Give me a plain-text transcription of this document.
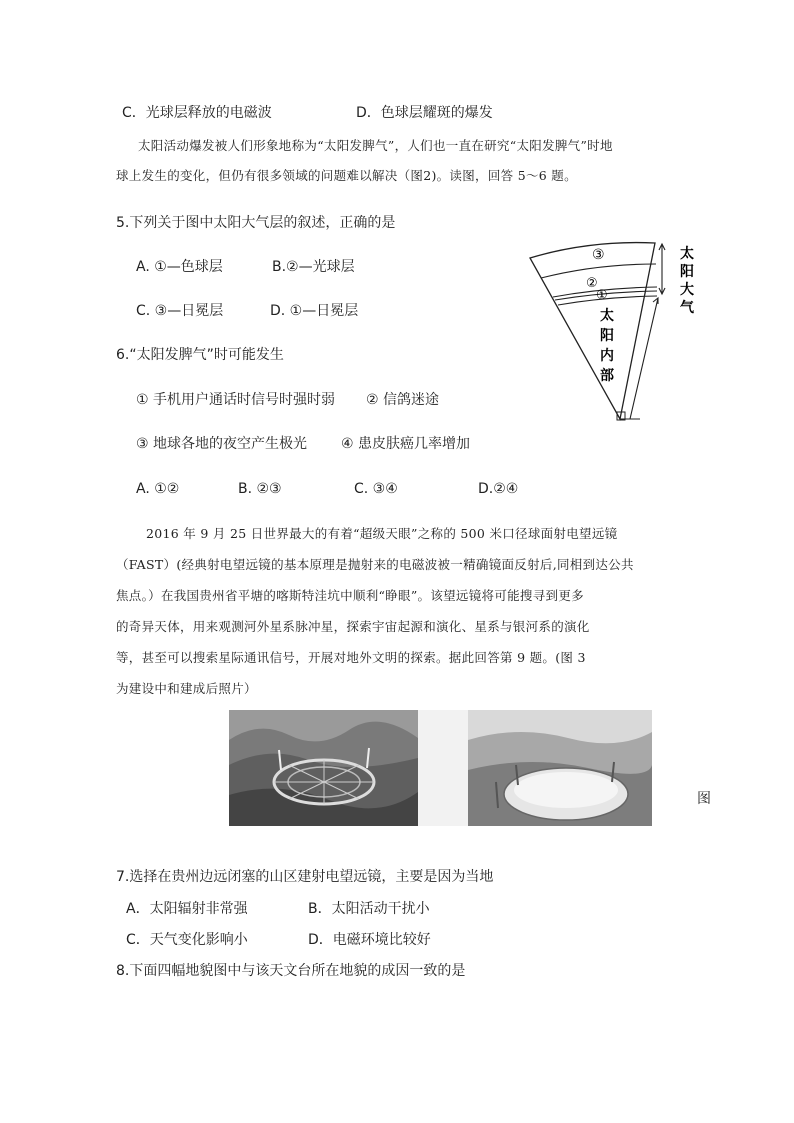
C．光球层释放的电磁波	D．色球层耀斑的爆发
太阳活动爆发被人们形象地称为“太阳发脾气”，人们也一直在研究“太阳发脾气”时地
球上发生的变化，但仍有很多领域的问题难以解决（图2)。读图，回答 5～6 题。
5.下列关于图中太阳大气层的叙述，正确的是
A. ①—色球层	B.②—光球层
C. ③—日冕层	D. ①—日冕层
6.“太阳发脾气”时可能发生
① 手机用户通话时信号时强时弱 ② 信鸽迷途
③ 地球各地的夜空产生极光 ④ 患皮肤癌几率增加
A. ①②	B. ②③	C. ③④	D.②④
③
②
①
太
阳
大
气
太
阳
内
部
2016 年 9 月 25 日世界最大的有着“超级天眼”之称的 500 米口径球面射电望远镜
（FAST）(经典射电望远镜的基本原理是抛射来的电磁波被一精确镜面反射后,同相到达公共
焦点。）在我国贵州省平塘的喀斯特洼坑中顺利“睁眼”。该望远镜将可能搜寻到更多
的奇异天体，用来观测河外星系脉冲星，探索宇宙起源和演化、星系与银河系的演化
等，甚至可以搜索星际通讯信号，开展对地外文明的探索。据此回答第 9 题。(图 3
为建设中和建成后照片）
图
7.选择在贵州边远闭塞的山区建射电望远镜，主要是因为当地
A．太阳辐射非常强	B．太阳活动干扰小
C．天气变化影响小	D．电磁环境比较好
8.下面四幅地貌图中与该天文台所在地貌的成因一致的是
